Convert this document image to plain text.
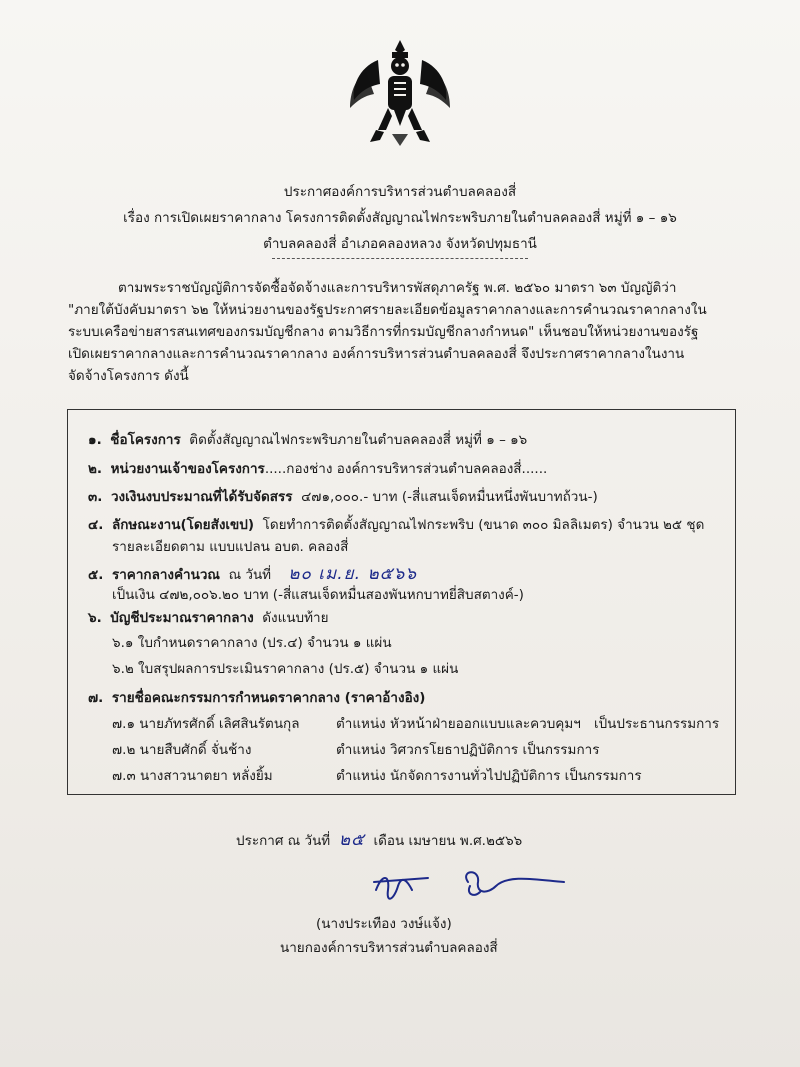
ประกาศองค์การบริหารส่วนตำบลคลองสี่
เรื่อง การเปิดเผยราคากลาง โครงการติดตั้งสัญญาณไฟกระพริบภายในตำบลคลองสี่ หมู่ที่ ๑ – ๑๖
ตำบลคลองสี่ อำเภอคลองหลวง จังหวัดปทุมธานี
ตามพระราชบัญญัติการจัดซื้อจัดจ้างและการบริหารพัสดุภาครัฐ พ.ศ. ๒๕๖๐ มาตรา ๖๓ บัญญัติว่า
"ภายใต้บังคับมาตรา ๖๒ ให้หน่วยงานของรัฐประกาศรายละเอียดข้อมูลราคากลางและการคำนวณราคากลางใน
ระบบเครือข่ายสารสนเทศของกรมบัญชีกลาง ตามวิธีการที่กรมบัญชีกลางกำหนด" เห็นชอบให้หน่วยงานของรัฐ
เปิดเผยราคากลางและการคำนวณราคากลาง องค์การบริหารส่วนตำบลคลองสี่ จึงประกาศราคากลางในงาน
จัดจ้างโครงการ ดังนี้
๑. ชื่อโครงการ ติดตั้งสัญญาณไฟกระพริบภายในตำบลคลองสี่ หมู่ที่ ๑ – ๑๖
๒. หน่วยงานเจ้าของโครงการ.....กองช่าง องค์การบริหารส่วนตำบลคลองสี่......
๓. วงเงินงบประมาณที่ได้รับจัดสรร ๔๗๑,๐๐๐.- บาท (-สี่แสนเจ็ดหมื่นหนึ่งพันบาทถ้วน-)
๔. ลักษณะงาน(โดยสังเขป) โดยทำการติดตั้งสัญญาณไฟกระพริบ (ขนาด ๓๐๐ มิลลิเมตร) จำนวน ๒๕ ชุด
รายละเอียดตาม แบบแปลน อบต. คลองสี่
๕. ราคากลางคำนวณ ณ วันที่ ๒๐ เม.ย. ๒๕๖๖
เป็นเงิน ๔๗๒,๐๐๖.๒๐ บาท (-สี่แสนเจ็ดหมื่นสองพันหกบาทยี่สิบสตางค์-)
๖. บัญชีประมาณราคากลาง ดังแนบท้าย
๖.๑ ใบกำหนดราคากลาง (ปร.๔) จำนวน ๑ แผ่น
๖.๒ ใบสรุปผลการประเมินราคากลาง (ปร.๕) จำนวน ๑ แผ่น
๗. รายชื่อคณะกรรมการกำหนดราคากลาง (ราคาอ้างอิง)
๗.๑ นายภัทรศักดิ์ เลิศสินรัตนกุล	ตำแหน่ง หัวหน้าฝ่ายออกแบบและควบคุมฯ เป็นประธานกรรมการ
๗.๒ นายสืบศักดิ์ จั่นช้าง	ตำแหน่ง วิศวกรโยธาปฏิบัติการ เป็นกรรมการ
๗.๓ นางสาวนาตยา หลั่งยิ้ม	ตำแหน่ง นักจัดการงานทั่วไปปฏิบัติการ เป็นกรรมการ
ประกาศ ณ วันที่ ๒๕ เดือน เมษายน พ.ศ.๒๕๖๖
(นางประเทือง วงษ์แจ้ง)
นายกองค์การบริหารส่วนตำบลคลองสี่
